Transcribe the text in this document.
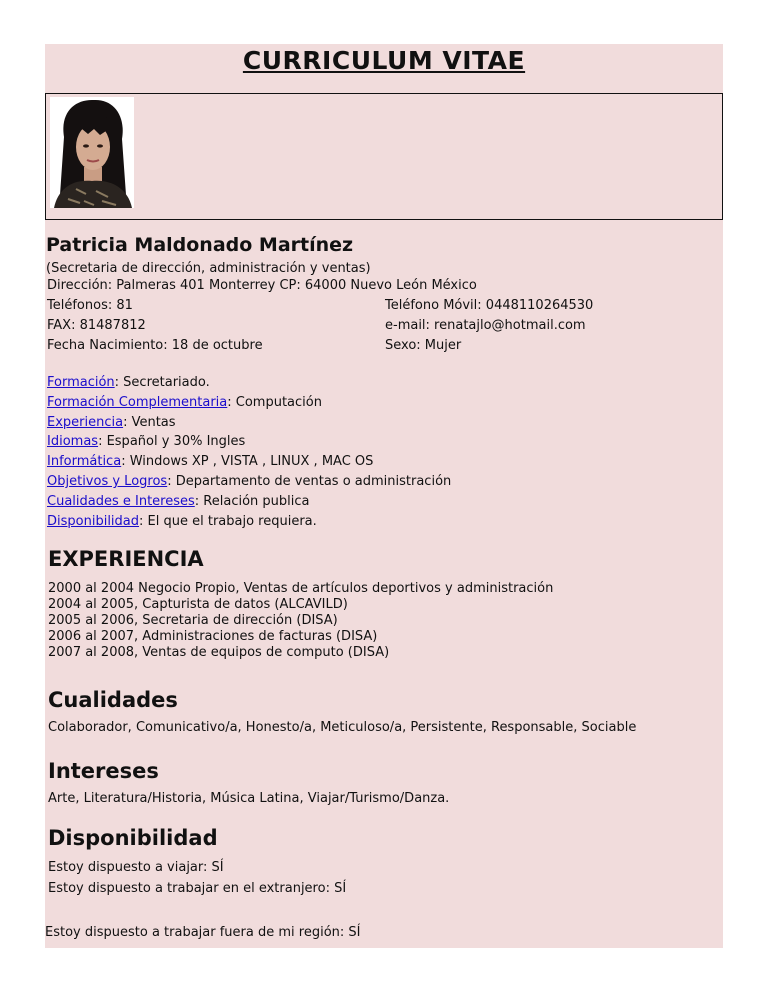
CURRICULUM VITAE
Patricia Maldonado Martínez
(Secretaria de dirección, administración y ventas)
Dirección: Palmeras 401 Monterrey CP: 64000 Nuevo León México
Teléfonos: 81	Teléfono Móvil: 0448110264530
FAX: 81487812	e-mail: renatajlo@hotmail.com
Fecha Nacimiento: 18 de octubre	Sexo: Mujer
Formación: Secretariado.
Formación Complementaria: Computación
Experiencia: Ventas
Idiomas: Español y 30% Ingles
Informática: Windows XP , VISTA , LINUX , MAC OS
Objetivos y Logros: Departamento de ventas o administración
Cualidades e Intereses: Relación publica
Disponibilidad: El que el trabajo requiera.
EXPERIENCIA
2000 al 2004 Negocio Propio, Ventas de artículos deportivos y administración
2004 al 2005, Capturista de datos (ALCAVILD)
2005 al 2006, Secretaria de dirección (DISA)
2006 al 2007, Administraciones de facturas (DISA)
2007 al 2008, Ventas de equipos de computo (DISA)
Cualidades
Colaborador, Comunicativo/a, Honesto/a, Meticuloso/a, Persistente, Responsable, Sociable
Intereses
Arte, Literatura/Historia, Música Latina, Viajar/Turismo/Danza.
Disponibilidad
Estoy dispuesto a viajar: SÍ
Estoy dispuesto a trabajar en el extranjero: SÍ
Estoy dispuesto a trabajar fuera de mi región: SÍ
